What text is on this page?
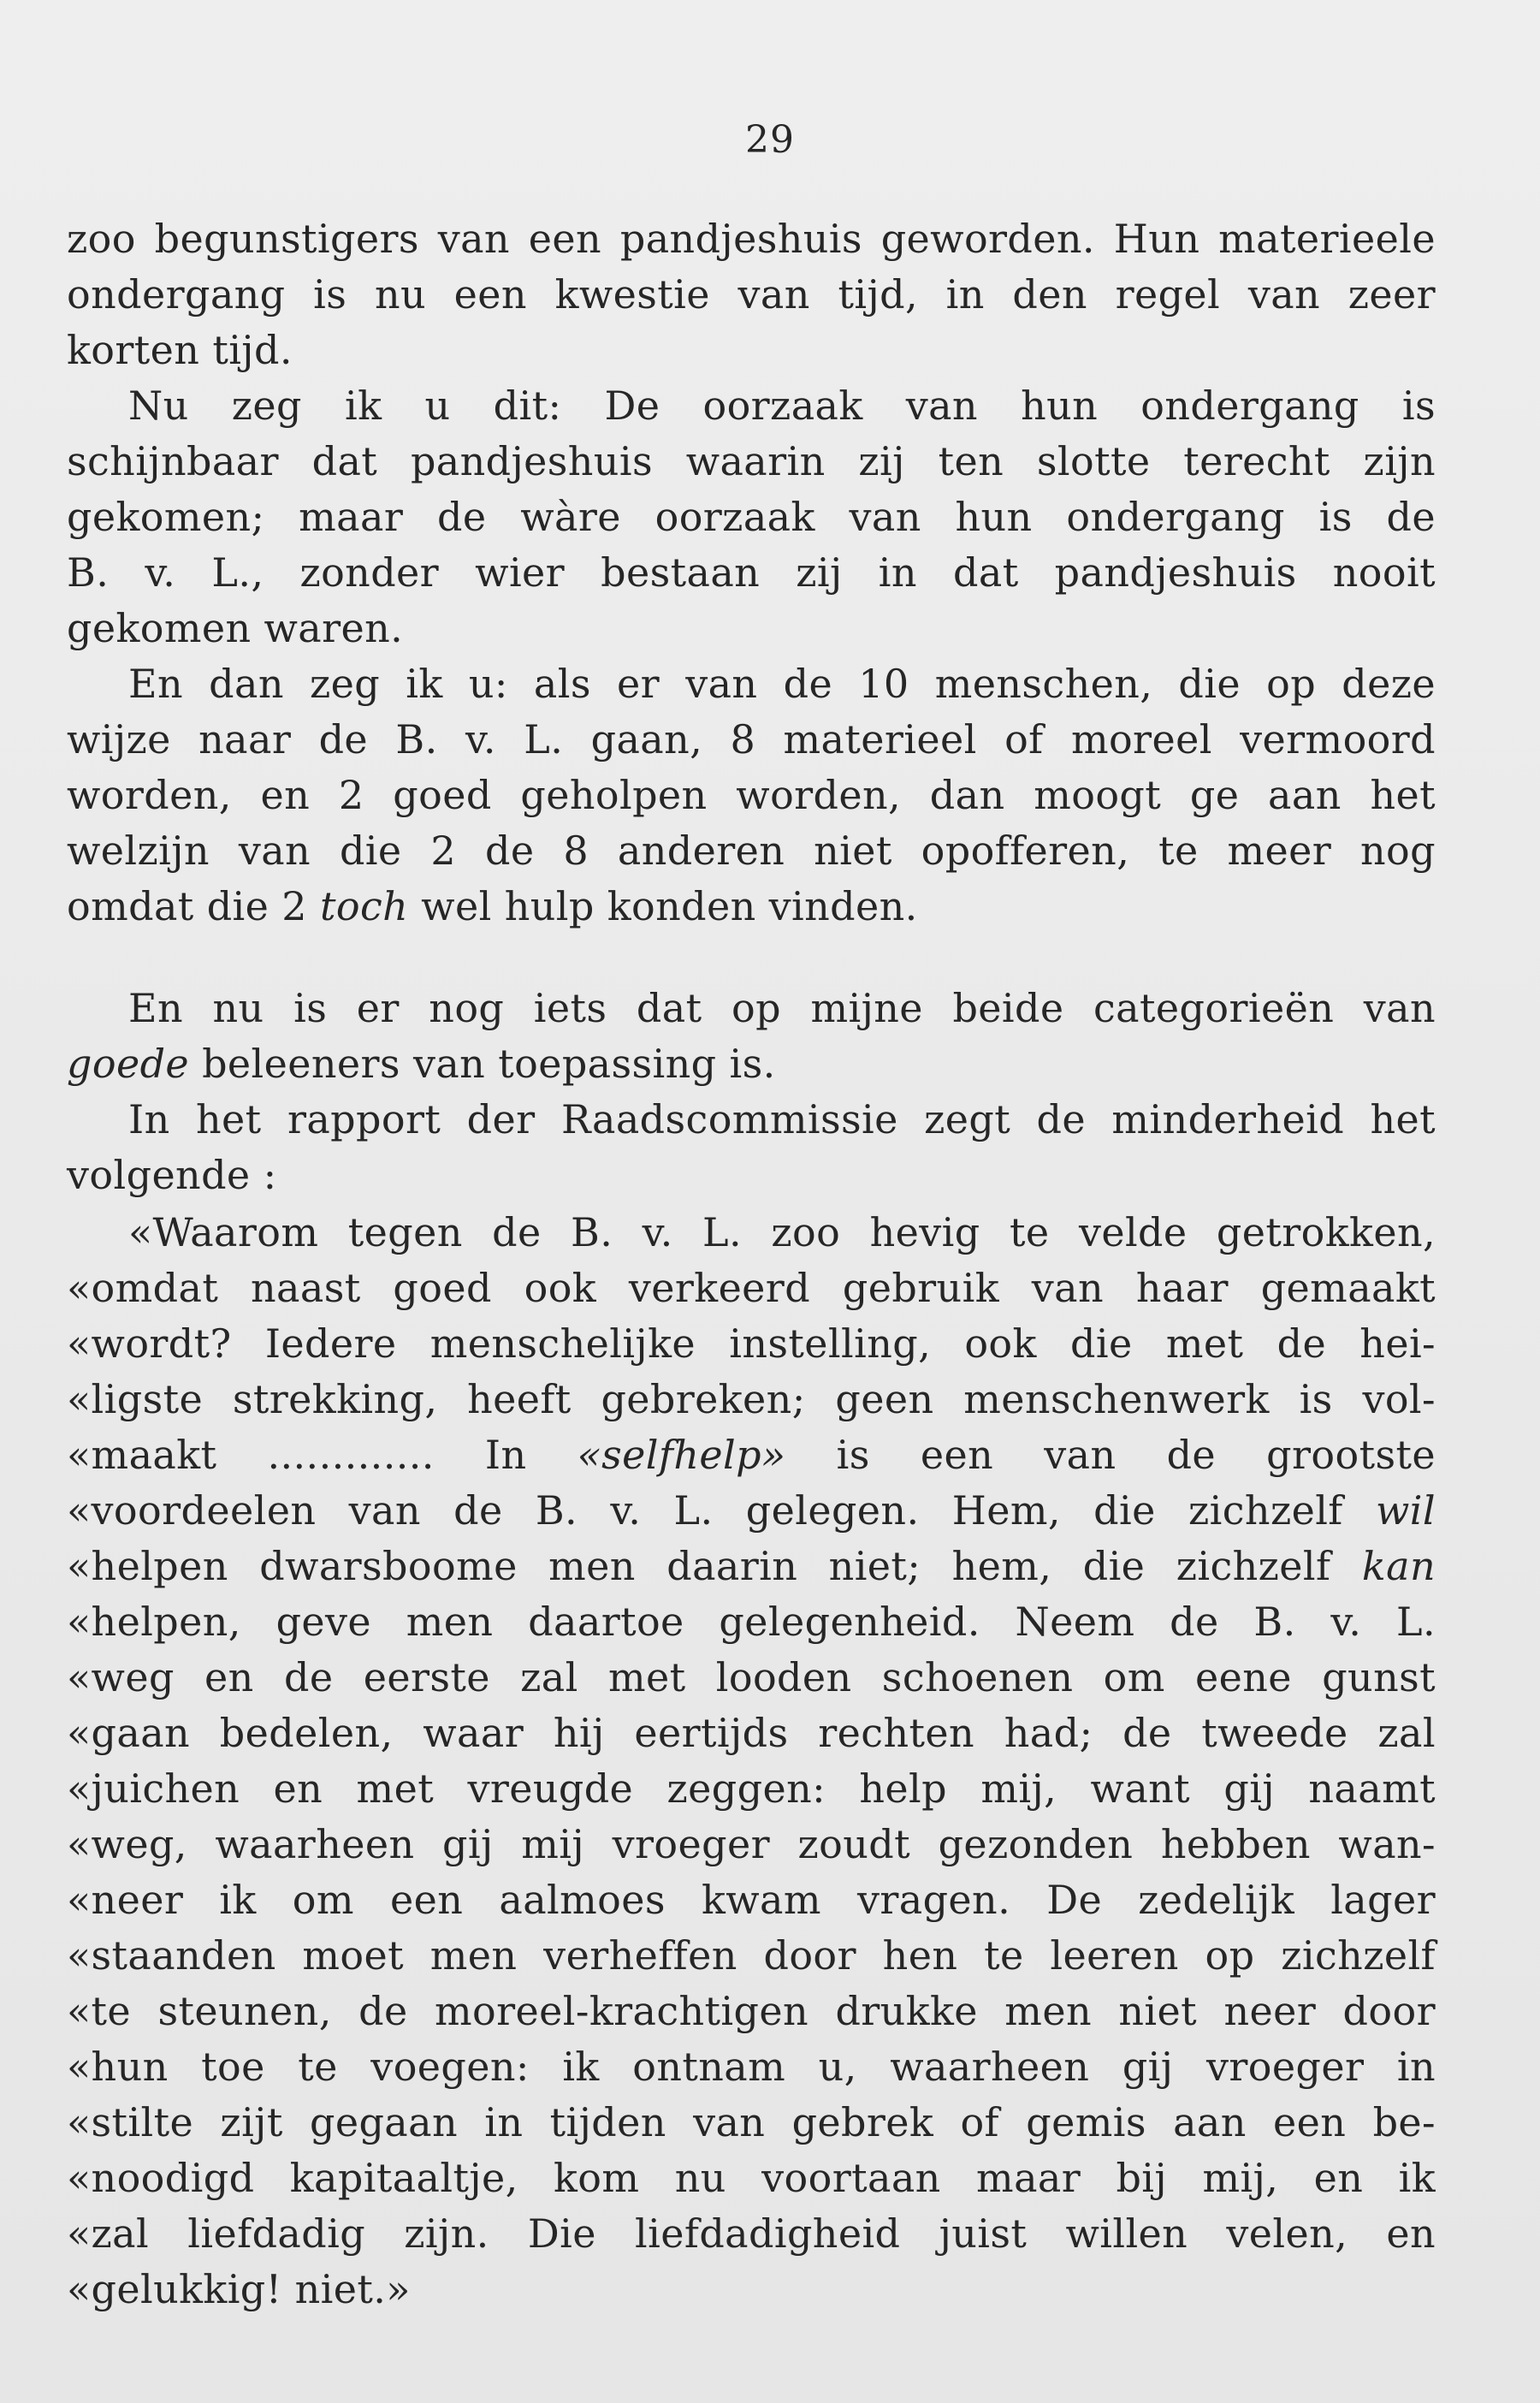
29
zoo begunstigers van een pandjeshuis geworden. Hun materieele
ondergang is nu een kwestie van tijd, in den regel van zeer
korten tijd.
Nu zeg ik u dit: De oorzaak van hun ondergang is
schijnbaar dat pandjeshuis waarin zij ten slotte terecht zijn
gekomen; maar de wàre oorzaak van hun ondergang is de
B. v. L., zonder wier bestaan zij in dat pandjeshuis nooit
gekomen waren.
En dan zeg ik u: als er van de 10 menschen, die op deze
wijze naar de B. v. L. gaan, 8 materieel of moreel vermoord
worden, en 2 goed geholpen worden, dan moogt ge aan het
welzijn van die 2 de 8 anderen niet opofferen, te meer nog
omdat die 2 toch wel hulp konden vinden.
En nu is er nog iets dat op mijne beide categorieën van
goede beleeners van toepassing is.
In het rapport der Raadscommissie zegt de minderheid het
volgende :
«Waarom tegen de B. v. L. zoo hevig te velde getrokken,
«omdat naast goed ook verkeerd gebruik van haar gemaakt
«wordt? Iedere menschelijke instelling, ook die met de hei-
«ligste strekking, heeft gebreken; geen menschenwerk is vol-
«maakt ............. In «selfhelp» is een van de grootste
«voordeelen van de B. v. L. gelegen. Hem, die zichzelf wil
«helpen dwarsboome men daarin niet; hem, die zichzelf kan
«helpen, geve men daartoe gelegenheid. Neem de B. v. L.
«weg en de eerste zal met looden schoenen om eene gunst
«gaan bedelen, waar hij eertijds rechten had; de tweede zal
«juichen en met vreugde zeggen: help mij, want gij naamt
«weg, waarheen gij mij vroeger zoudt gezonden hebben wan-
«neer ik om een aalmoes kwam vragen. De zedelijk lager
«staanden moet men verheffen door hen te leeren op zichzelf
«te steunen, de moreel-krachtigen drukke men niet neer door
«hun toe te voegen: ik ontnam u, waarheen gij vroeger in
«stilte zijt gegaan in tijden van gebrek of gemis aan een be-
«noodigd kapitaaltje, kom nu voortaan maar bij mij, en ik
«zal liefdadig zijn. Die liefdadigheid juist willen velen, en
«gelukkig! niet.»
